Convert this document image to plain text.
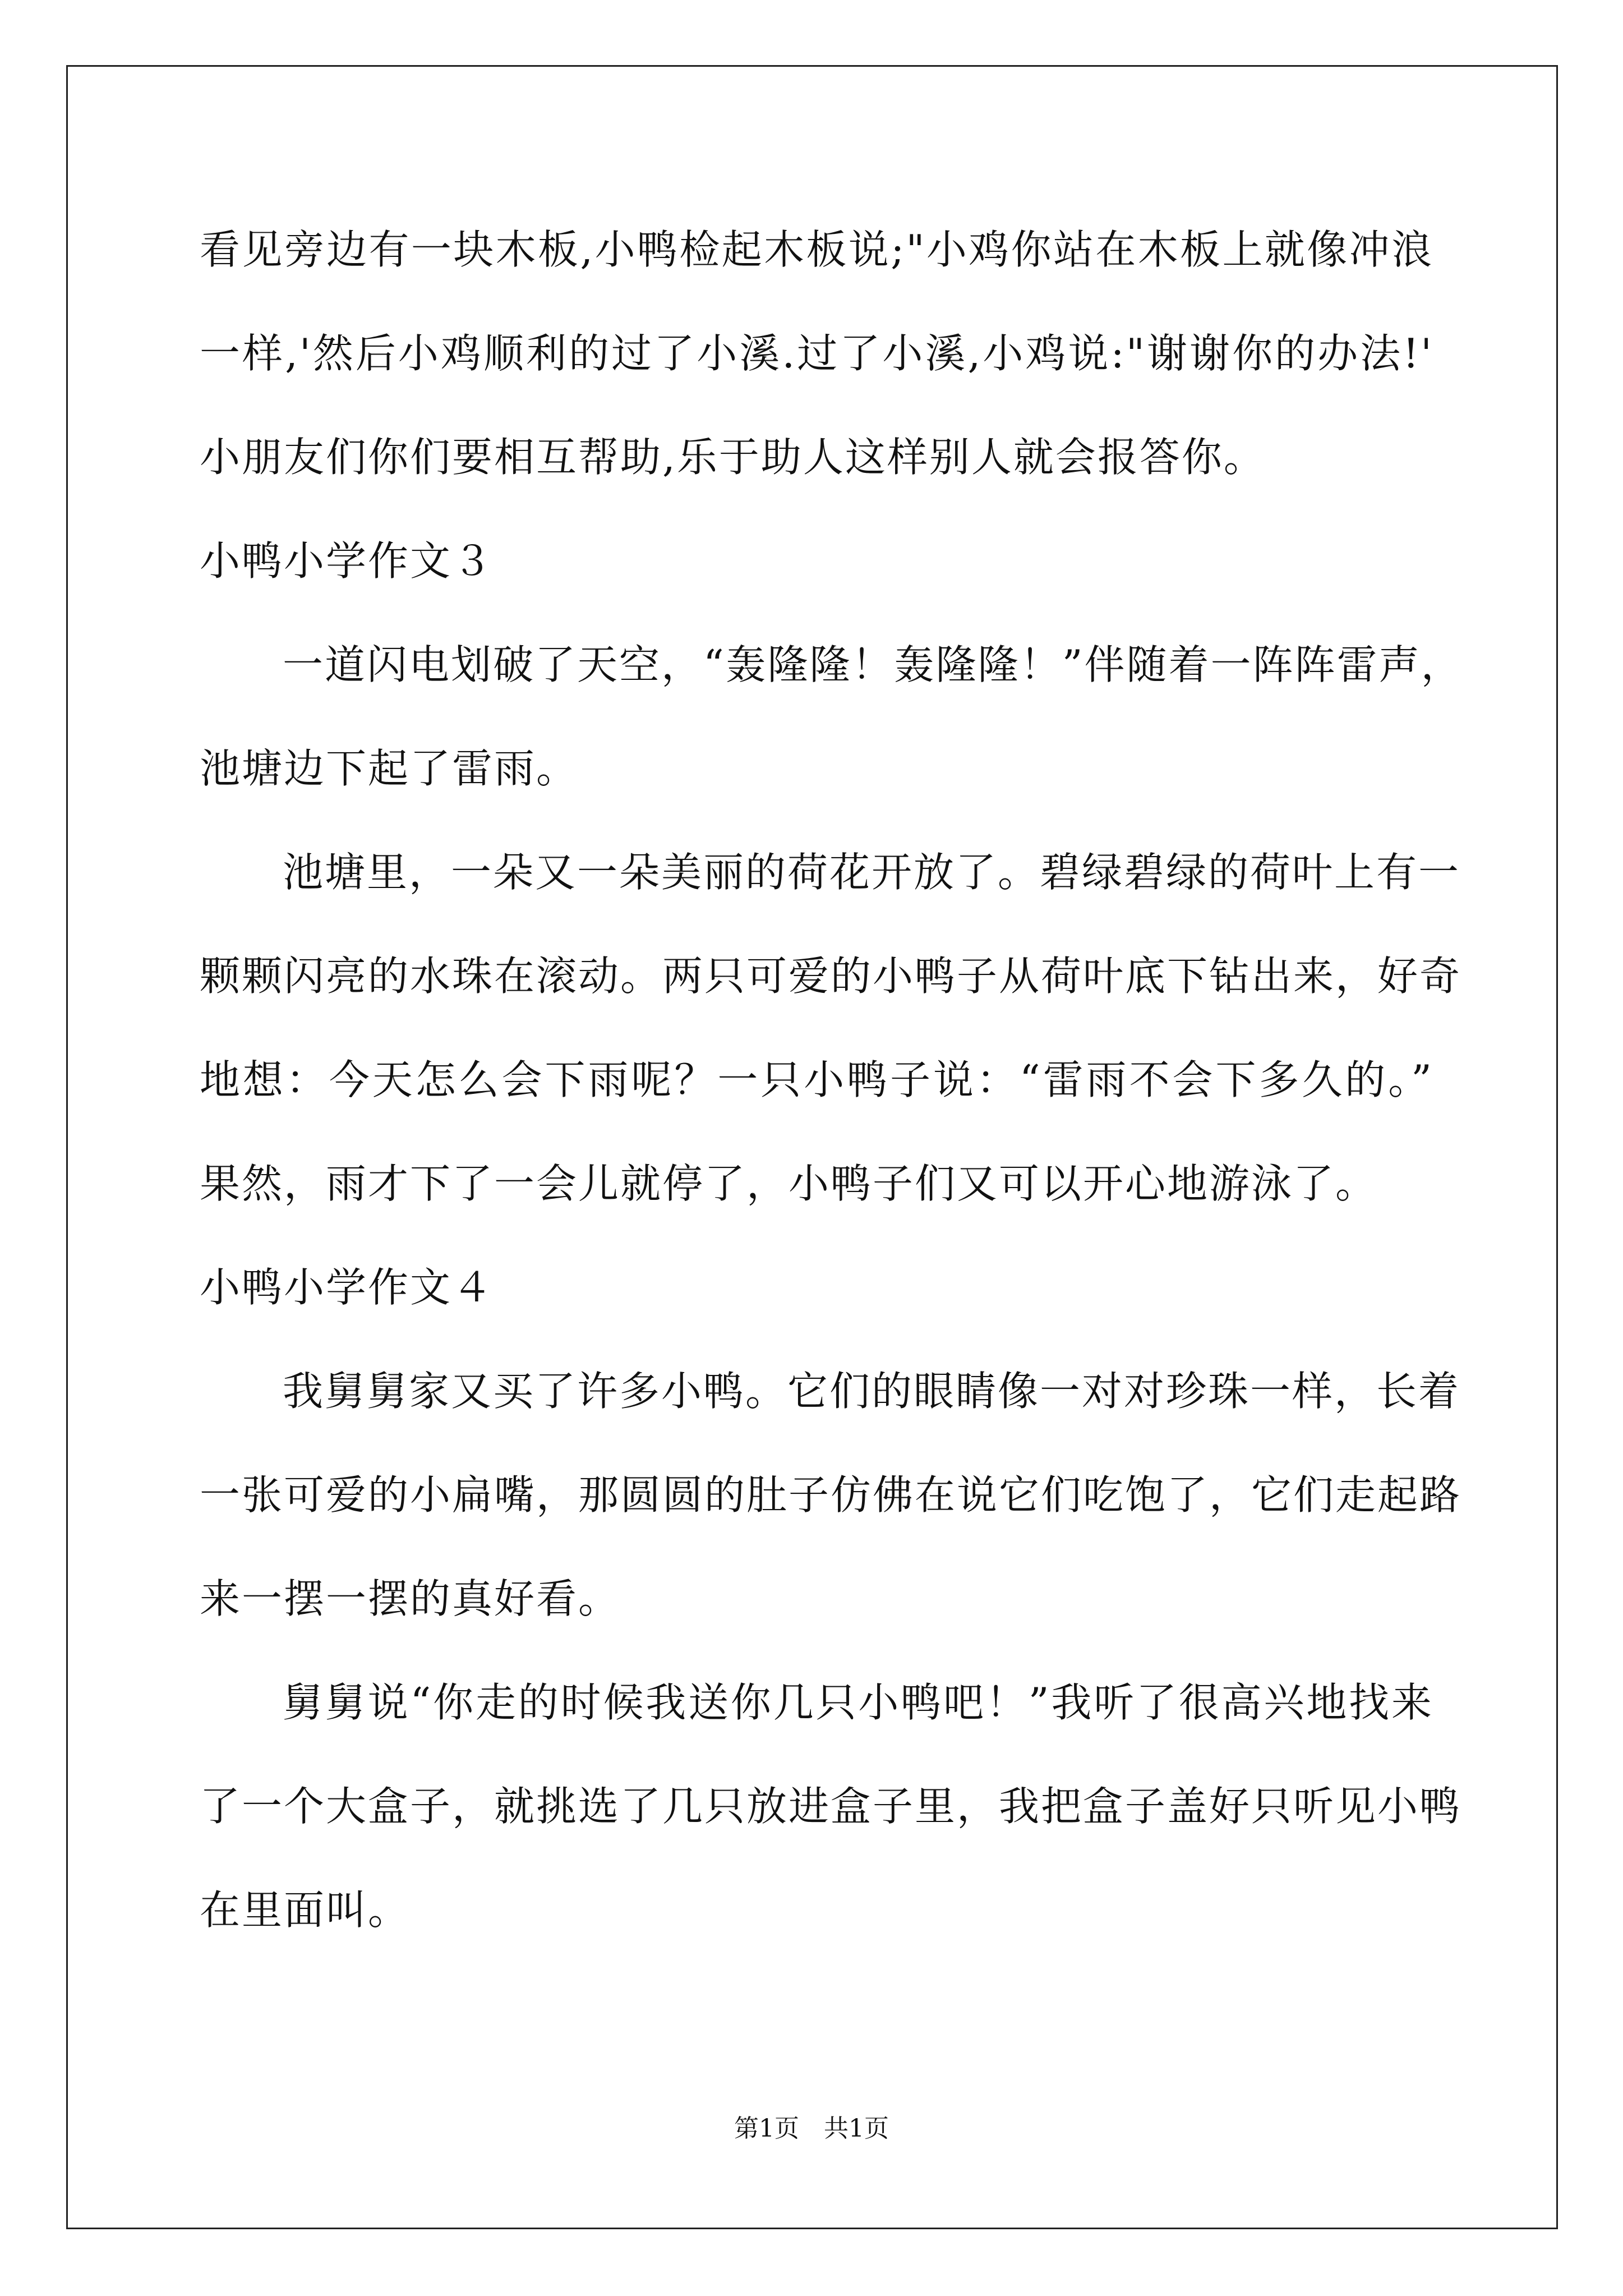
看见旁边有一块木板,小鸭检起木板说;"小鸡你站在木板上就像冲浪
一样,'然后小鸡顺利的过了小溪.过了小溪,小鸡说:"谢谢你的办法!'
小朋友们你们要相互帮助,乐于助人这样别人就会报答你。
小鸭小学作文３
一道闪电划破了天空，“轰隆隆！轰隆隆！”伴随着一阵阵雷声，
池塘边下起了雷雨。
池塘里，一朵又一朵美丽的荷花开放了。碧绿碧绿的荷叶上有一
颗颗闪亮的水珠在滚动。两只可爱的小鸭子从荷叶底下钻出来，好奇
地想：今天怎么会下雨呢？一只小鸭子说：“雷雨不会下多久的。”
果然，雨才下了一会儿就停了，小鸭子们又可以开心地游泳了。
小鸭小学作文４
我舅舅家又买了许多小鸭。它们的眼睛像一对对珍珠一样，长着
一张可爱的小扁嘴，那圆圆的肚子仿佛在说它们吃饱了，它们走起路
来一摆一摆的真好看。
舅舅说“你走的时候我送你几只小鸭吧！”我听了很高兴地找来
了一个大盒子，就挑选了几只放进盒子里，我把盒子盖好只听见小鸭
在里面叫。
第1页　共1页
